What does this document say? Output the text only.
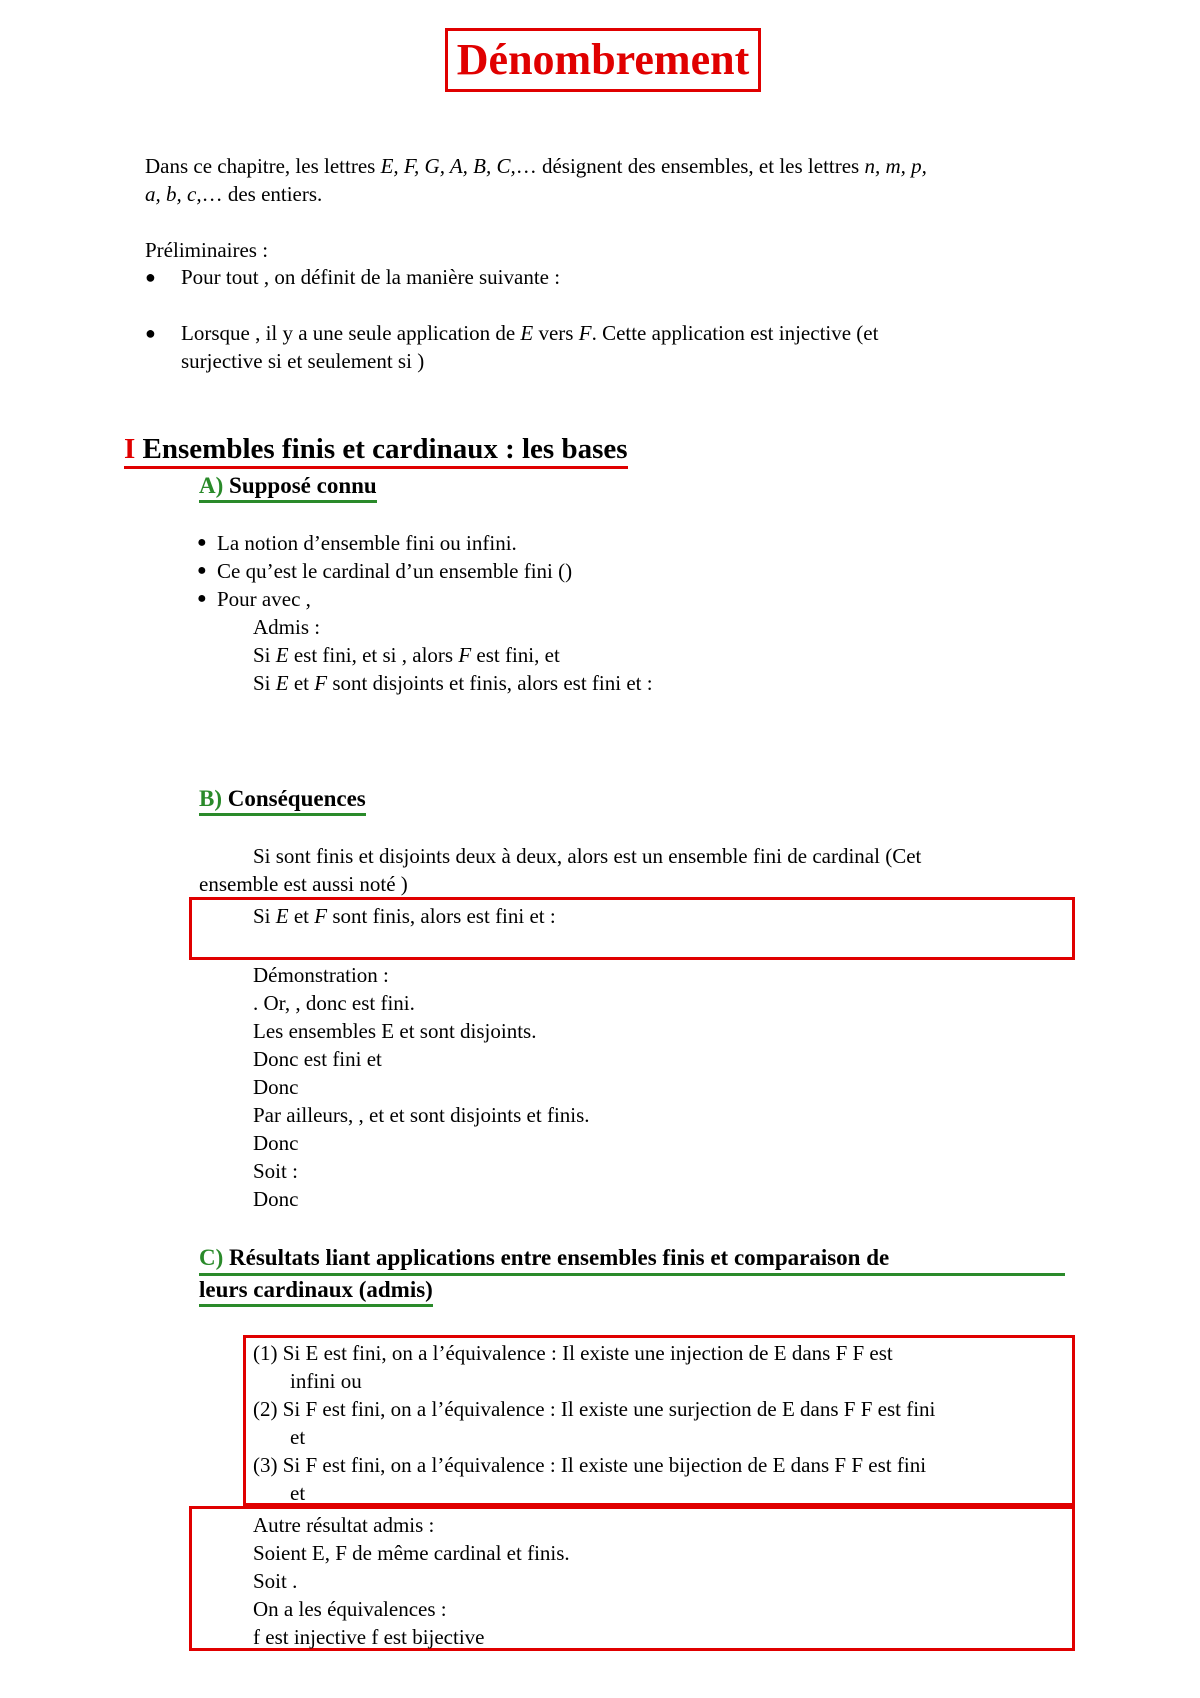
Dénombrement
Dans ce chapitre, les lettres E, F, G, A, B, C,… désignent des ensembles, et les lettres n, m, p,
a, b, c,… des entiers.
Préliminaires :
● Pour tout , on définit de la manière suivante :
● Lorsque , il y a une seule application de E vers F. Cette application est injective (et
surjective si et seulement si )
I Ensembles finis et cardinaux : les bases
A) Supposé connu
● La notion d’ensemble fini ou infini.
● Ce qu’est le cardinal d’un ensemble fini ()
● Pour avec ,
Admis :
Si E est fini, et si , alors F est fini, et
Si E et F sont disjoints et finis, alors est fini et :
B) Conséquences
Si sont finis et disjoints deux à deux, alors est un ensemble fini de cardinal (Cet
ensemble est aussi noté )
Si E et F sont finis, alors est fini et :
Démonstration :
. Or, , donc est fini.
Les ensembles E et sont disjoints.
Donc est fini et
Donc
Par ailleurs, , et et sont disjoints et finis.
Donc
Soit :
Donc
C) Résultats liant applications entre ensembles finis et comparaison de
leurs cardinaux (admis)
(1) Si E est fini, on a l’équivalence : Il existe une injection de E dans F F est
infini ou
(2) Si F est fini, on a l’équivalence : Il existe une surjection de E dans F F est fini
et
(3) Si F est fini, on a l’équivalence : Il existe une bijection de E dans F F est fini
et
Autre résultat admis :
Soient E, F de même cardinal et finis.
Soit .
On a les équivalences :
f est injective f est bijective
